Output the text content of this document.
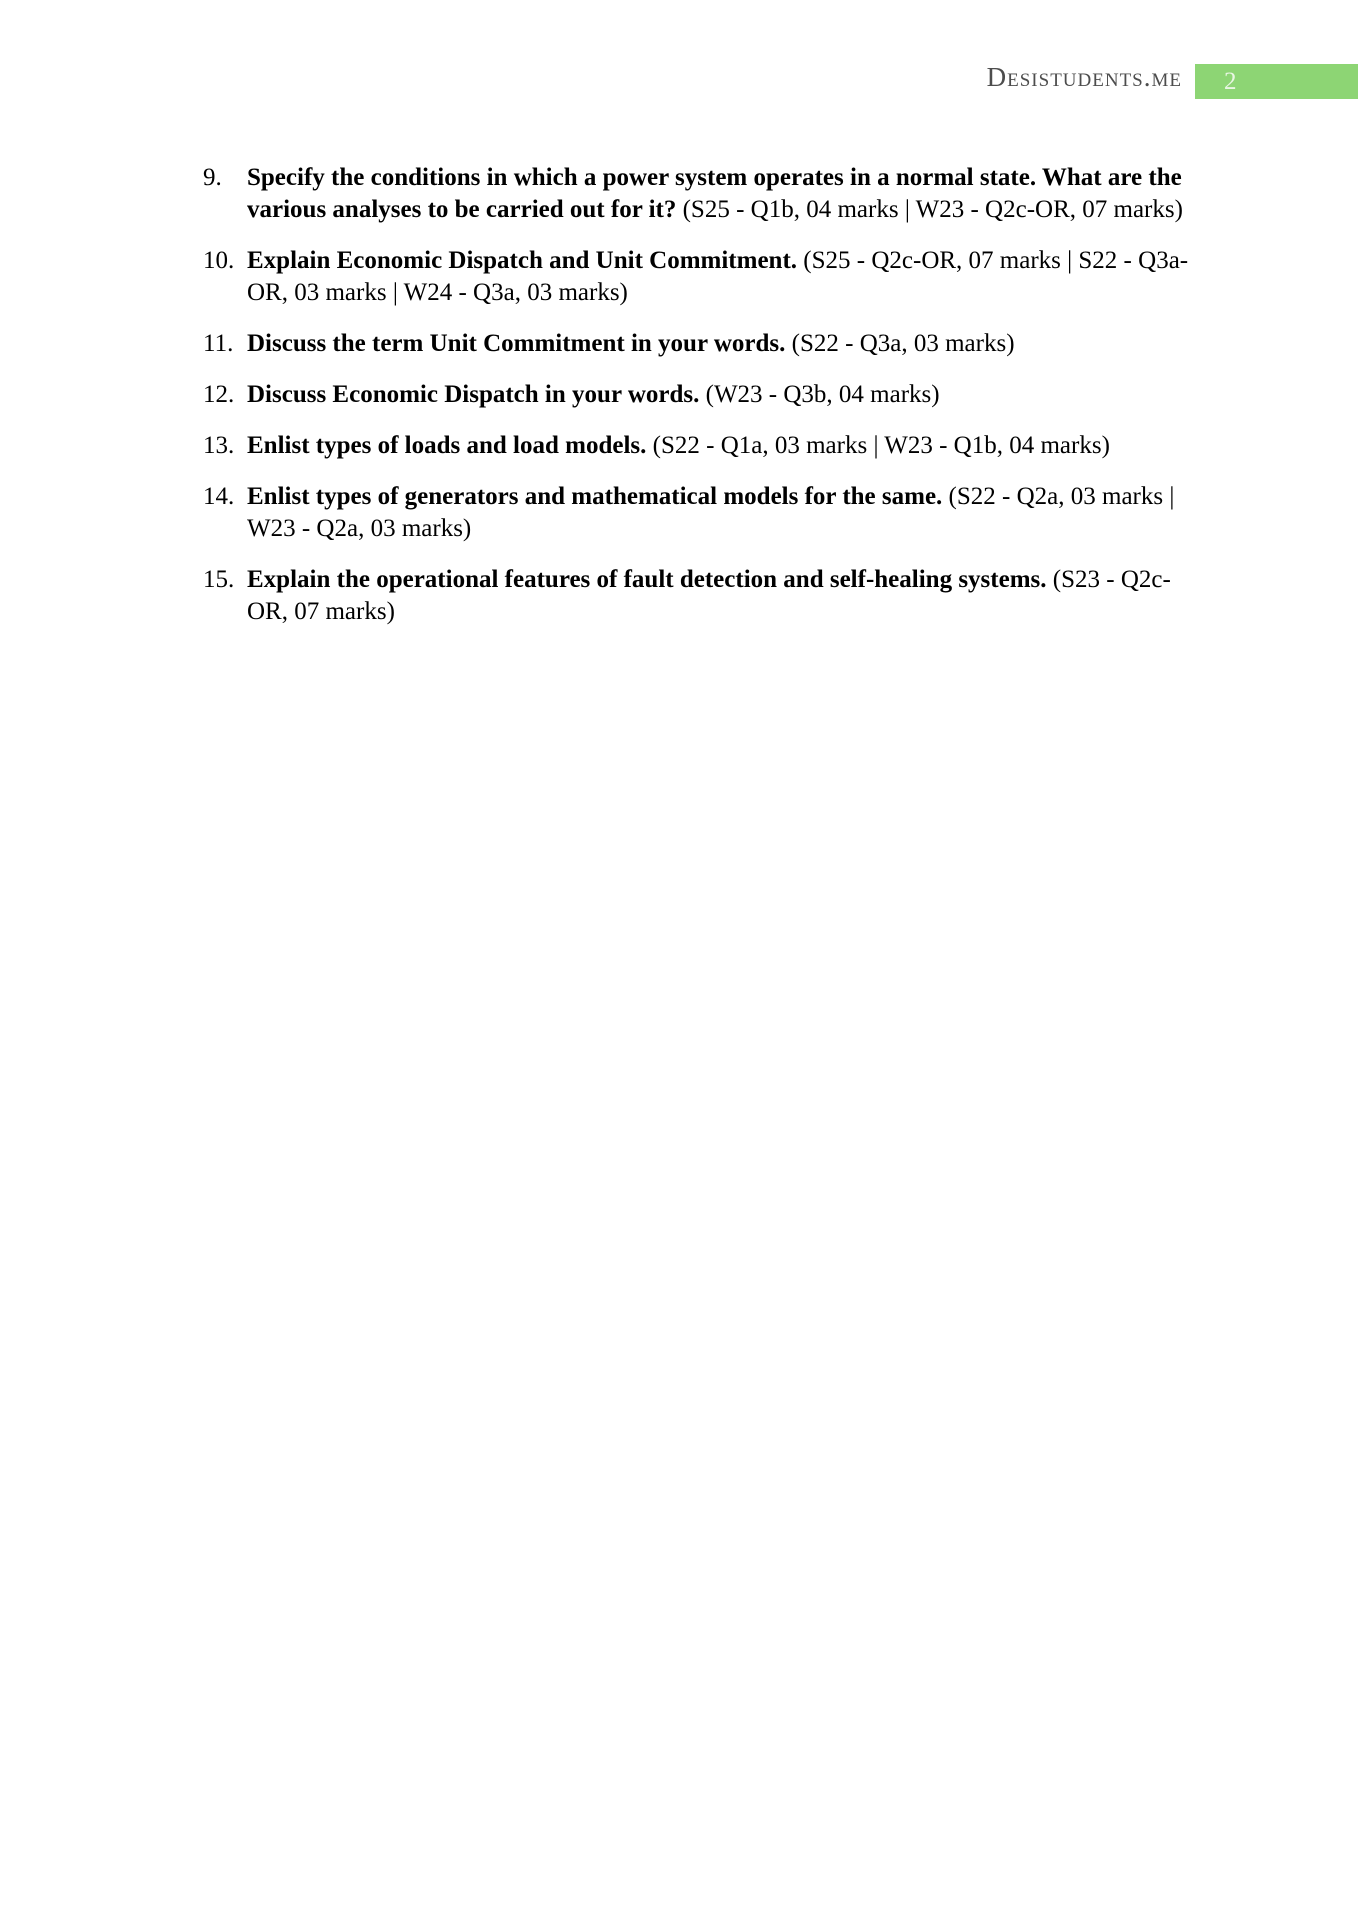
Desistudents.me 2
9.	Specify the conditions in which a power system operates in a normal state. What are the various analyses to be carried out for it? (S25 - Q1b, 04 marks | W23 - Q2c-OR, 07 marks)
10. Explain Economic Dispatch and Unit Commitment. (S25 - Q2c-OR, 07 marks | S22 - Q3a-OR, 03 marks | W24 - Q3a, 03 marks)
11. Discuss the term Unit Commitment in your words. (S22 - Q3a, 03 marks)
12. Discuss Economic Dispatch in your words. (W23 - Q3b, 04 marks)
13. Enlist types of loads and load models. (S22 - Q1a, 03 marks | W23 - Q1b, 04 marks)
14. Enlist types of generators and mathematical models for the same. (S22 - Q2a, 03 marks | W23 - Q2a, 03 marks)
15. Explain the operational features of fault detection and self-healing systems. (S23 - Q2c-OR, 07 marks)
